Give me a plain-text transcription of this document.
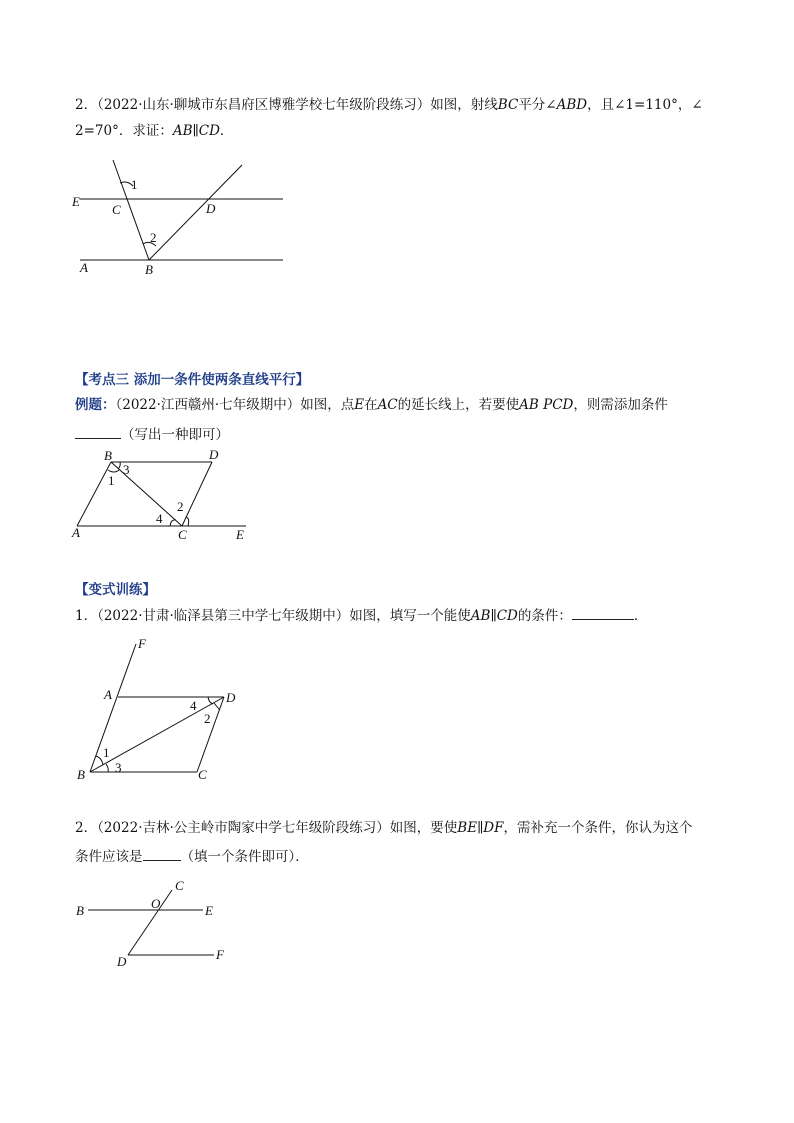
2．（2022·山东·聊城市东昌府区博雅学校七年级阶段练习）如图，射线BC平分∠ABD，且∠1=110°，∠
2=70°．求证：AB∥CD．
1
2
E
C	D
A	B
【考点三 添加一条件使两条直线平行】
例题：（2022·江西赣州·七年级期中）如图，点E在AC的延长线上，若要使AB PCD，则需添加条件
（写出一种即可）
3
1
2
4
B	D
A	C	E
【变式训练】
1．（2022·甘肃·临泽县第三中学七年级期中）如图，填写一个能使AB∥CD的条件：	．
1
3
4
2
F
A	D
B	C
2．（2022·吉林·公主岭市陶家中学七年级阶段练习）如图，要使BE∥DF，需补充一个条件，你认为这个
条件应该是	（填一个条件即可）．
B	O	E
C
D	F
